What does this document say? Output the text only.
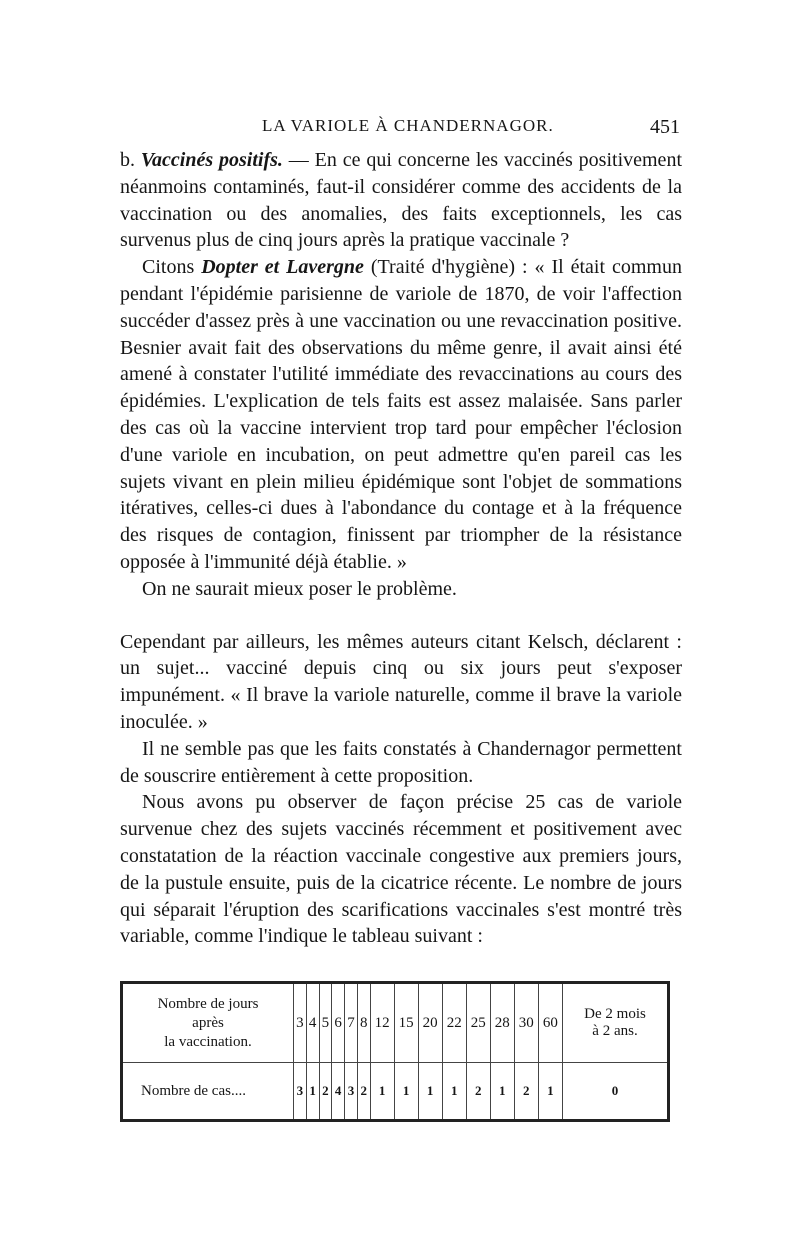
LA VARIOLE À CHANDERNAGOR.	451

b. Vaccinés positifs. — En ce qui concerne les vaccinés positivement néanmoins contaminés, faut-il considérer comme des accidents de la vaccination ou des anomalies, des faits exceptionnels, les cas survenus plus de cinq jours après la pratique vaccinale ?

Citons Dopter et Lavergne (Traité d'hygiène) : « Il était commun pendant l'épidémie parisienne de variole de 1870, de voir l'affection succéder d'assez près à une vaccination ou une revaccination positive. Besnier avait fait des observations du même genre, il avait ainsi été amené à constater l'utilité immédiate des revaccinations au cours des épidémies. L'explication de tels faits est assez malaisée. Sans parler des cas où la vaccine intervient trop tard pour empêcher l'éclosion d'une variole en incubation, on peut admettre qu'en pareil cas les sujets vivant en plein milieu épidémique sont l'objet de sommations itératives, celles-ci dues à l'abondance du contage et à la fréquence des risques de contagion, finissent par triompher de la résistance opposée à l'immunité déjà établie. »

On ne saurait mieux poser le problème.

Cependant par ailleurs, les mêmes auteurs citant Kelsch, déclarent : un sujet... vacciné depuis cinq ou six jours peut s'exposer impunément. « Il brave la variole naturelle, comme il brave la variole inoculée. »

Il ne semble pas que les faits constatés à Chandernagor permettent de souscrire entièrement à cette proposition.

Nous avons pu observer de façon précise 25 cas de variole survenue chez des sujets vaccinés récemment et positivement avec constatation de la réaction vaccinale congestive aux premiers jours, de la pustule ensuite, puis de la cicatrice récente. Le nombre de jours qui séparait l'éruption des scarifications vaccinales s'est montré très variable, comme l'indique le tableau suivant :

Nombre de jours
après
la vaccination.	3	4	5	6	7	8	12	15	20	22	25	28	30	60	De 2 mois
à 2 ans.
Nombre de cas....	3	1	2	4	3	2	1	1	1	1	2	1	2	1	0
